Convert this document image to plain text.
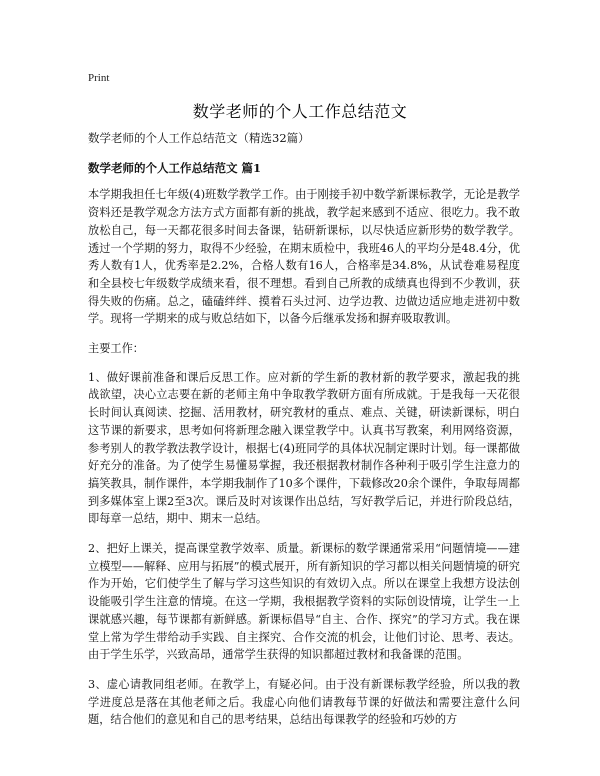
Print
数学老师的个人工作总结范文

数学老师的个人工作总结范文（精选32篇）

数学老师的个人工作总结范文 篇1

本学期我担任七年级(4)班数学教学工作。由于刚接手初中数学新课标教学，无论是教学资料还是教学观念方法方式方面都有新的挑战，教学起来感到不适应、很吃力。我不敢放松自己，每一天都花很多时间去备课，钻研新课标，以尽快适应新形势的数学教学。透过一个学期的努力，取得不少经验，在期末质检中，我班46人的平均分是48.4分，优秀人数有1人，优秀率是2.2%，合格人数有16人，合格率是34.8%，从试卷难易程度和全县校七年级数学成绩来看，很不理想。看到自己所教的成绩真也得到不少教训，获得失败的伤痛。总之，磕磕绊绊、摸着石头过河、边学边教、边做边适应地走进初中数学。现将一学期来的成与败总结如下，以备今后继承发扬和摒弃吸取教训。

主要工作：

1、做好课前准备和课后反思工作。应对新的学生新的教材新的教学要求，激起我的挑战欲望，决心立志要在新的老师主角中争取教学教研方面有所成就。于是我每一天花很长时间认真阅读、挖掘、活用教材，研究教材的重点、难点、关键，研读新课标，明白这节课的新要求，思考如何将新理念融入课堂教学中。认真书写教案，利用网络资源，参考别人的教学教法教学设计，根据七(4)班同学的具体状况制定课时计划。每一课都做好充分的准备。为了使学生易懂易掌握，我还根据教材制作各种利于吸引学生注意力的搞笑教具，制作课件，本学期我制作了10多个课件，下载修改20余个课件，争取每周都到多媒体室上课2至3次。课后及时对该课作出总结，写好教学后记，并进行阶段总结，即每章一总结，期中、期末一总结。

2、把好上课关，提高课堂教学效率、质量。新课标的数学课通常采用“问题情境——建立模型——解释、应用与拓展”的模式展开，所有新知识的学习都以相关问题情境的研究作为开始，它们使学生了解与学习这些知识的有效切入点。所以在课堂上我想方设法创设能吸引学生注意的情境。在这一学期，我根据教学资料的实际创设情境，让学生一上课就感兴趣，每节课都有新鲜感。新课标倡导“自主、合作、探究”的学习方式。我在课堂上常为学生带给动手实践、自主探究、合作交流的机会，让他们讨论、思考、表达。由于学生乐学，兴致高昂，通常学生获得的知识都超过教材和我备课的范围。

3、虚心请教同组老师。在教学上，有疑必问。由于没有新课标教学经验，所以我的教学进度总是落在其他老师之后。我虚心向他们请教每节课的好做法和需要注意什么问题，结合他们的意见和自己的思考结果，总结出每课教学的经验和巧妙的方
